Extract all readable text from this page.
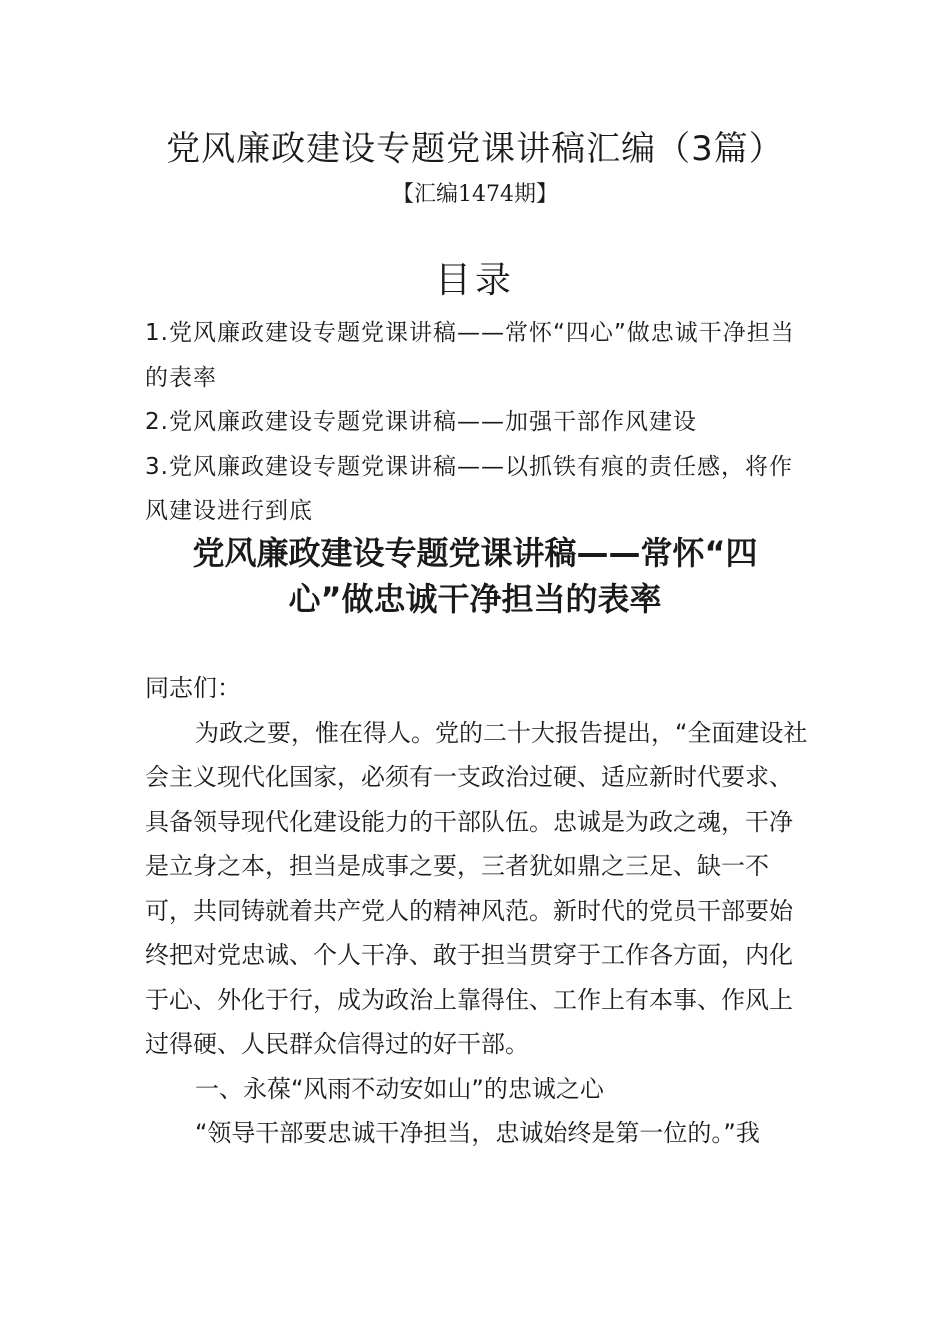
党风廉政建设专题党课讲稿汇编（3篇）
【汇编1474期】
目录
1.党风廉政建设专题党课讲稿——常怀“四心”做忠诚干净担当的表率
2.党风廉政建设专题党课讲稿——加强干部作风建设
3.党风廉政建设专题党课讲稿——以抓铁有痕的责任感，将作风建设进行到底
党风廉政建设专题党课讲稿——常怀“四心”做忠诚干净担当的表率

同志们：

为政之要，惟在得人。党的二十大报告提出，“全面建设社会主义现代化国家，必须有一支政治过硬、适应新时代要求、具备领导现代化建设能力的干部队伍。忠诚是为政之魂，干净是立身之本，担当是成事之要，三者犹如鼎之三足、缺一不可，共同铸就着共产党人的精神风范。新时代的党员干部要始终把对党忠诚、个人干净、敢于担当贯穿于工作各方面，内化于心、外化于行，成为政治上靠得住、工作上有本事、作风上过得硬、人民群众信得过的好干部。

一、永葆“风雨不动安如山”的忠诚之心

“领导干部要忠诚干净担当，忠诚始终是第一位的。”我
